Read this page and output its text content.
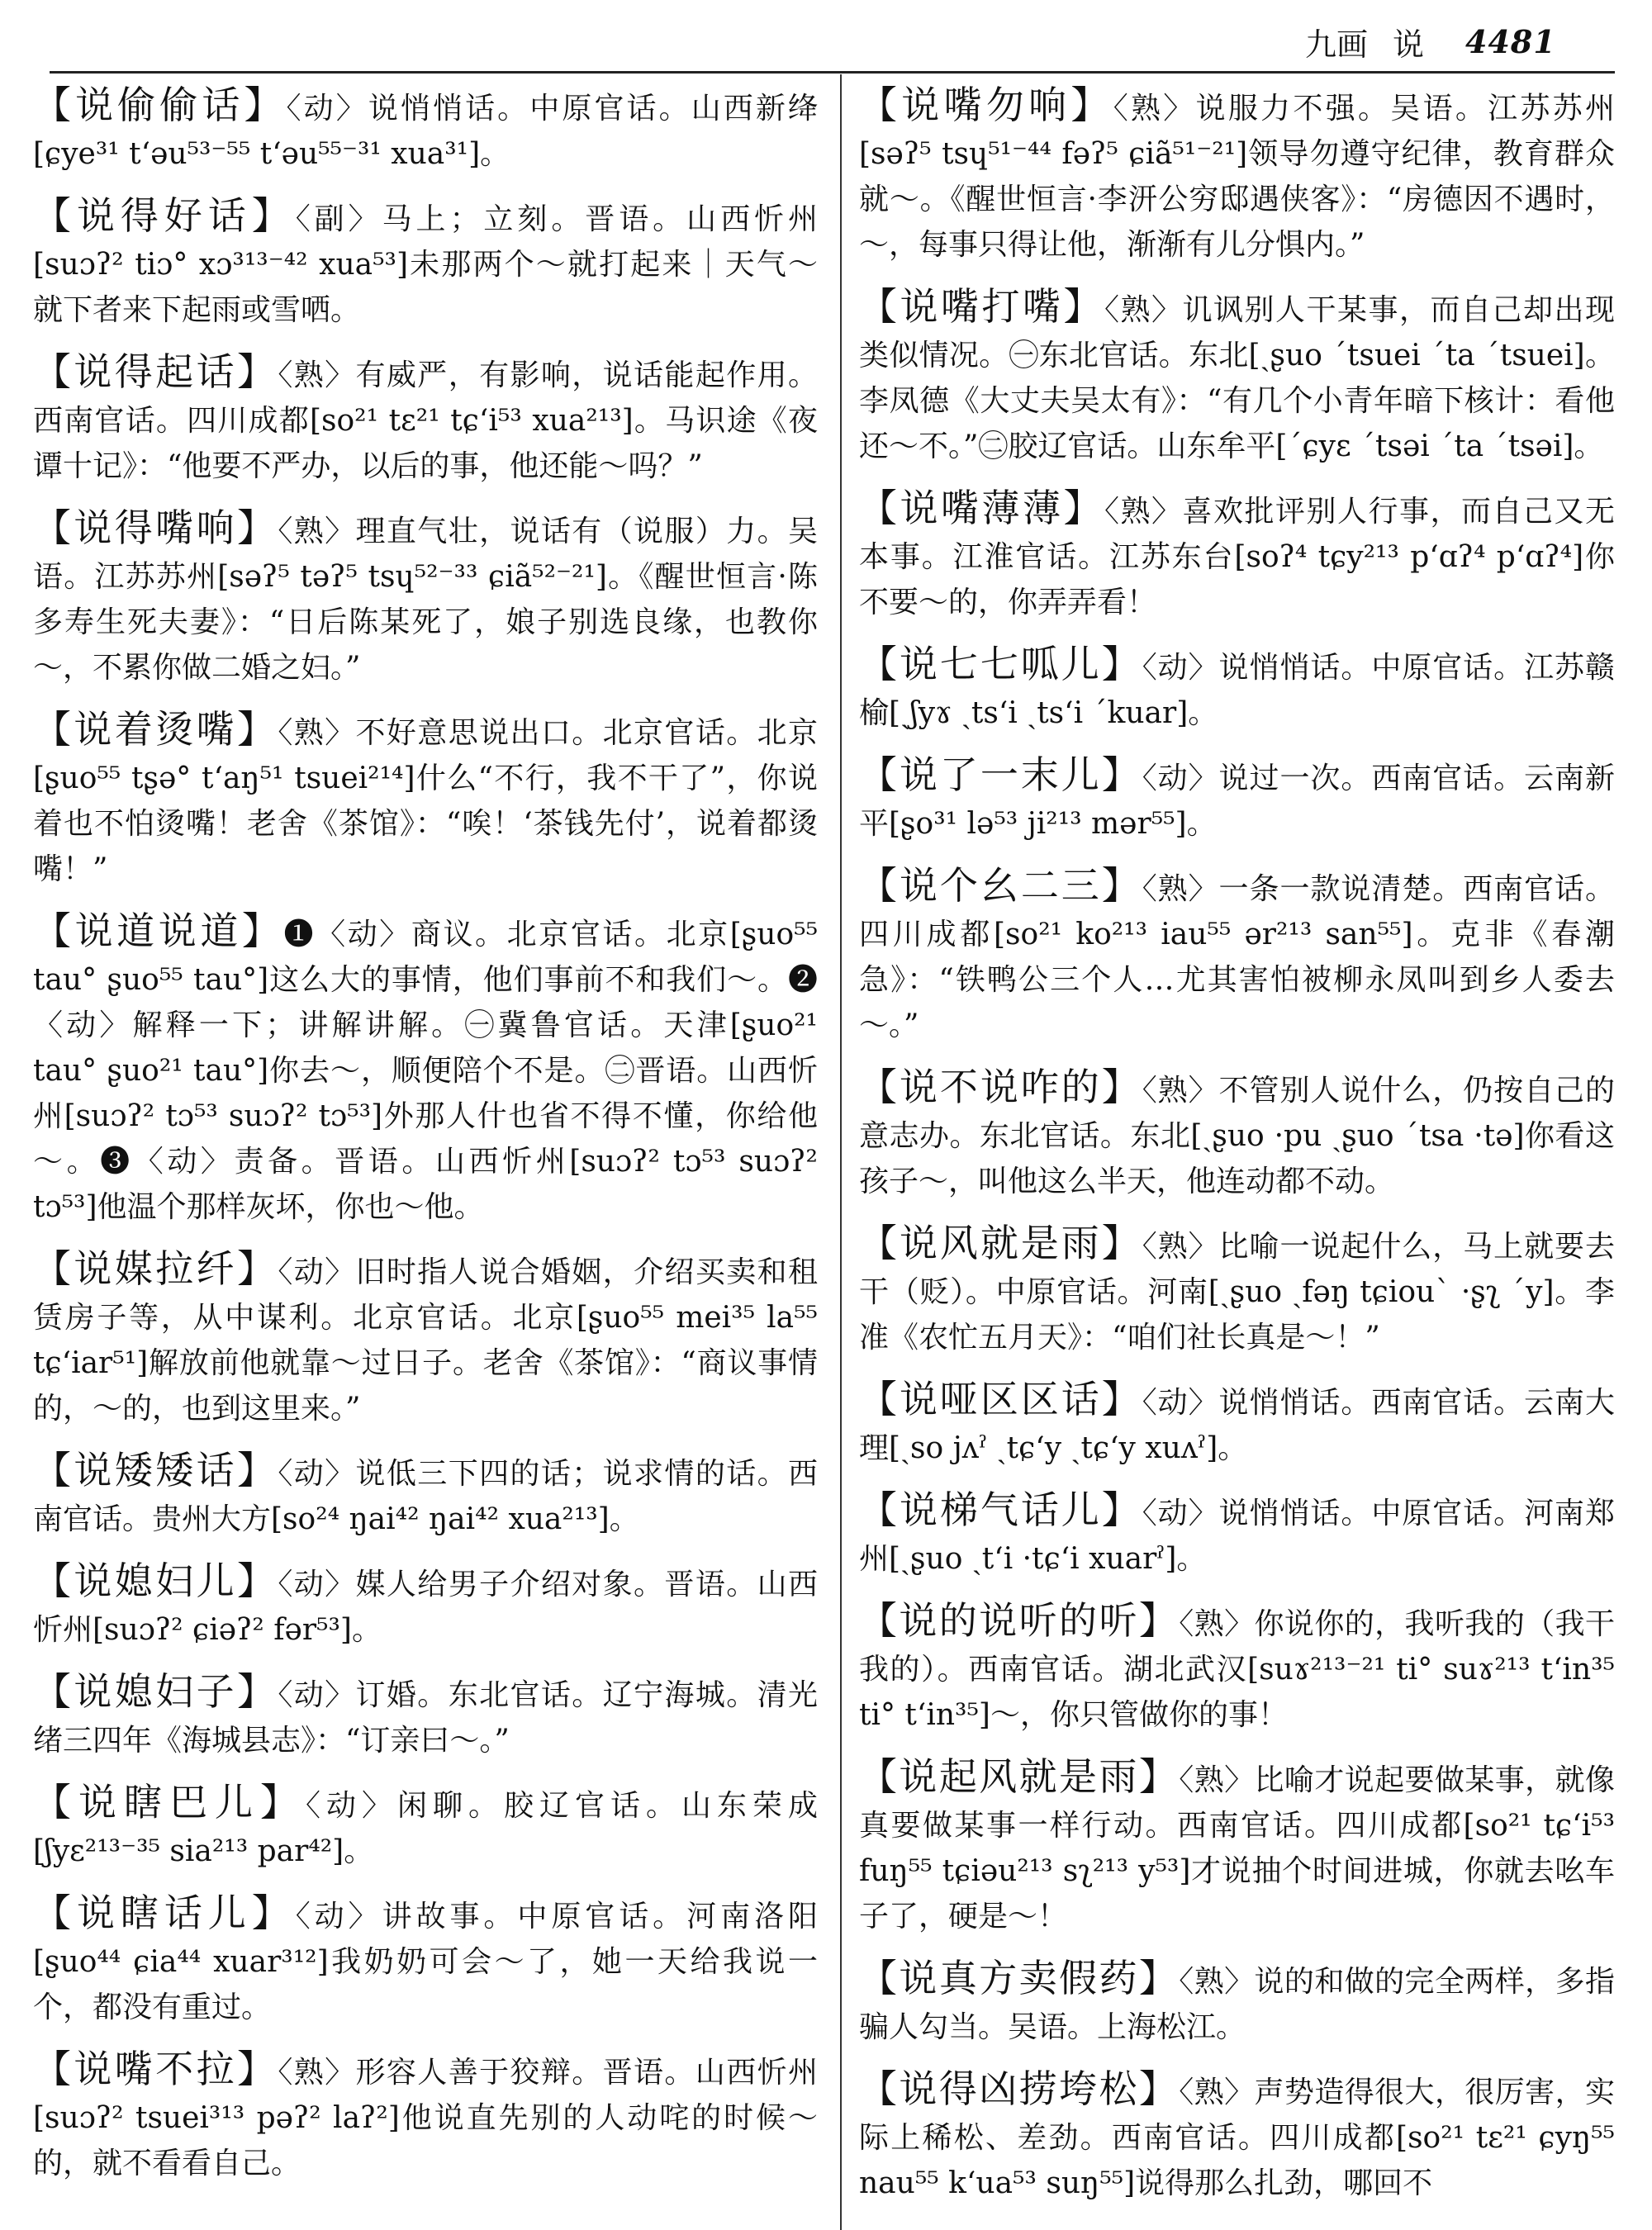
九画 说 4481

【说偷偷话】〈动〉说悄悄话。中原官话。山西新绛[ɕye³¹ tʻəu⁵³⁻⁵⁵ tʻəu⁵⁵⁻³¹ xua³¹]。

【说得好话】〈副〉马上；立刻。晋语。山西忻州[suɔʔ² tiɔ° xɔ³¹³⁻⁴² xua⁵³]未那两个～就打起来｜天气～就下者来下起雨或雪哂。

【说得起话】〈熟〉有威严，有影响，说话能起作用。西南官话。四川成都[so²¹ tɛ²¹ tɕʻi⁵³ xua²¹³]。马识途《夜谭十记》：“他要不严办，以后的事，他还能～吗？”

【说得嘴响】〈熟〉理直气壮，说话有（说服）力。吴语。江苏苏州[səʔ⁵ təʔ⁵ tsɥ⁵²⁻³³ ɕiã⁵²⁻²¹]。《醒世恒言·陈多寿生死夫妻》：“日后陈某死了，娘子别选良缘，也教你～，不累你做二婚之妇。”

【说着烫嘴】〈熟〉不好意思说出口。北京官话。北京[ʂuo⁵⁵ tʂə° tʻaŋ⁵¹ tsuei²¹⁴]什么“不行，我不干了”，你说着也不怕烫嘴！老舍《茶馆》：“唉！‘茶钱先付’，说着都烫嘴！”

【说道说道】❶〈动〉商议。北京官话。北京[ʂuo⁵⁵ tau° ʂuo⁵⁵ tau°]这么大的事情，他们事前不和我们～。❷〈动〉解释一下；讲解讲解。㊀冀鲁官话。天津[ʂuo²¹ tau° ʂuo²¹ tau°]你去～，顺便陪个不是。㊁晋语。山西忻州[suɔʔ² tɔ⁵³ suɔʔ² tɔ⁵³]外那人什也省不得不懂，你给他～。❸〈动〉责备。晋语。山西忻州[suɔʔ² tɔ⁵³ suɔʔ² tɔ⁵³]他温个那样灰坏，你也～他。

【说媒拉纤】〈动〉旧时指人说合婚姻，介绍买卖和租赁房子等，从中谋利。北京官话。北京[ʂuo⁵⁵ mei³⁵ la⁵⁵ tɕʻiar⁵¹]解放前他就靠～过日子。老舍《茶馆》：“商议事情的，～的，也到这里来。”

【说矮矮话】〈动〉说低三下四的话；说求情的话。西南官话。贵州大方[so²⁴ ŋai⁴² ŋai⁴² xua²¹³]。

【说媳妇儿】〈动〉媒人给男子介绍对象。晋语。山西忻州[suɔʔ² ɕiəʔ² fər⁵³]。

【说媳妇子】〈动〉订婚。东北官话。辽宁海城。清光绪三四年《海城县志》：“订亲曰～。”

【说瞎巴儿】〈动〉闲聊。胶辽官话。山东荣成[ʃyɛ²¹³⁻³⁵ sia²¹³ par⁴²]。

【说瞎话儿】〈动〉讲故事。中原官话。河南洛阳[ʂuo⁴⁴ ɕia⁴⁴ xuar³¹²]我奶奶可会～了，她一天给我说一个，都没有重过。

【说嘴不拉】〈熟〉形容人善于狡辩。晋语。山西忻州[suɔʔ² tsuei³¹³ pəʔ² laʔ²]他说直先别的人动咤的时候～的，就不看看自己。

【说嘴勿响】〈熟〉说服力不强。吴语。江苏苏州[səʔ⁵ tsɥ⁵¹⁻⁴⁴ fəʔ⁵ ɕiã⁵¹⁻²¹]领导勿遵守纪律，教育群众就～。《醒世恒言·李汧公穷邸遇侠客》：“房德因不遇时，～，每事只得让他，渐渐有儿分惧内。”

【说嘴打嘴】〈熟〉讥讽别人干某事，而自己却出现类似情况。㊀东北官话。东北[ˏʂuo ˊtsuei ˊta ˊtsuei]。李凤德《大丈夫吴太有》：“有几个小青年暗下核计：看他还～不。”㊁胶辽官话。山东牟平[ˊɕyɛ ˊtsəi ˊta ˊtsəi]。

【说嘴薄薄】〈熟〉喜欢批评别人行事，而自己又无本事。江淮官话。江苏东台[soʔ⁴ tɕy²¹³ pʻɑʔ⁴ pʻɑʔ⁴]你不要～的，你弄弄看！

【说七七呱儿】〈动〉说悄悄话。中原官话。江苏赣榆[ˏʃyɤ ˏtsʻi ˏtsʻi ˊkuar]。

【说了一末儿】〈动〉说过一次。西南官话。云南新平[ʂo³¹ lə⁵³ ji²¹³ mər⁵⁵]。

【说个幺二三】〈熟〉一条一款说清楚。西南官话。四川成都[so²¹ ko²¹³ iau⁵⁵ ər²¹³ san⁵⁵]。克非《春潮急》：“铁鸭公三个人…尤其害怕被柳永凤叫到乡人委去～。”

【说不说咋的】〈熟〉不管别人说什么，仍按自己的意志办。东北官话。东北[ˏʂuo ·pu ˏʂuo ˊtsa ·tə]你看这孩子～，叫他这么半天，他连动都不动。

【说风就是雨】〈熟〉比喻一说起什么，马上就要去干（贬）。中原官话。河南[ˏʂuo ˏfəŋ tɕiouˋ ·ʂʅ ˊy]。李准《农忙五月天》：“咱们社长真是～！”

【说哑区区话】〈动〉说悄悄话。西南官话。云南大理[ˏso jʌˀ ˏtɕʻy ˏtɕʻy xuʌˀ]。

【说梯气话儿】〈动〉说悄悄话。中原官话。河南郑州[ˏʂuo ˏtʻi ·tɕʻi xuarˀ]。

【说的说听的听】〈熟〉你说你的，我听我的（我干我的）。西南官话。湖北武汉[suɤ²¹³⁻²¹ ti° suɤ²¹³ tʻin³⁵ ti° tʻin³⁵]～，你只管做你的事！

【说起风就是雨】〈熟〉比喻才说起要做某事，就像真要做某事一样行动。西南官话。四川成都[so²¹ tɕʻi⁵³ fuŋ⁵⁵ tɕiəu²¹³ sʅ²¹³ y⁵³]才说抽个时间进城，你就去吆车子了，硬是～！

【说真方卖假药】〈熟〉说的和做的完全两样，多指骗人勾当。吴语。上海松江。

【说得凶捞垮松】〈熟〉声势造得很大，很厉害，实际上稀松、差劲。西南官话。四川成都[so²¹ tɛ²¹ ɕyŋ⁵⁵ nau⁵⁵ kʻua⁵³ suŋ⁵⁵]说得那么扎劲，哪回不
